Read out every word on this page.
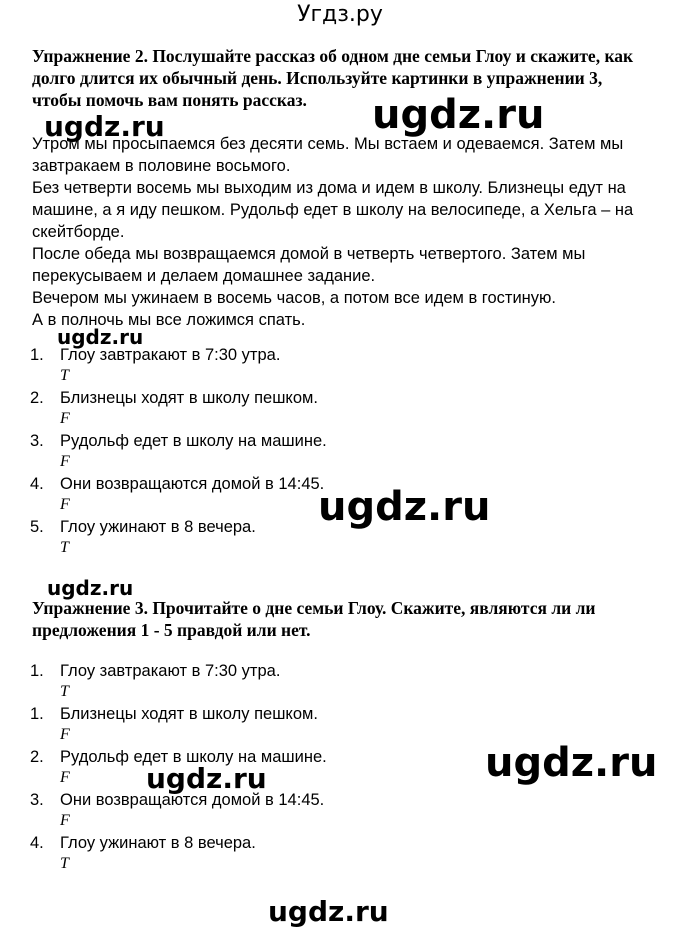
Угдз.ру
Упражнение 2. Послушайте рассказ об одном дне семьи Глоу и скажите, как долго длится их обычный день. Используйте картинки в упражнении 3, чтобы помочь вам понять рассказ.

Утром мы просыпаемся без десяти семь. Мы встаем и одеваемся. Затем мы завтракаем в половине восьмого.

Без четверти восемь мы выходим из дома и идем в школу. Близнецы едут на машине, а я иду пешком. Рудольф едет в школу на велосипеде, а Хельга – на скейтборде.

После обеда мы возвращаемся домой в четверть четвертого. Затем мы перекусываем и делаем домашнее задание.

Вечером мы ужинаем в восемь часов, а потом все идем в гостиную.

А в полночь мы все ложимся спать.

1. Глоу завтракают в 7:30 утра.
T
2. Близнецы ходят в школу пешком.
F
3. Рудольф едет в школу на машине.
F
4. Они возвращаются домой в 14:45.
F
5. Глоу ужинают в 8 вечера.
T
Упражнение 3. Прочитайте о дне семьи Глоу. Скажите, являются ли ли предложения 1 - 5 правдой или нет.
1. Глоу завтракают в 7:30 утра.
T
1. Близнецы ходят в школу пешком.
F
2. Рудольф едет в школу на машине.
F
3. Они возвращаются домой в 14:45.
F
4. Глоу ужинают в 8 вечера.
T
ugdz.ru
ugdz.ru
ugdz.ru
ugdz.ru
ugdz.ru
ugdz.ru
ugdz.ru
ugdz.ru
